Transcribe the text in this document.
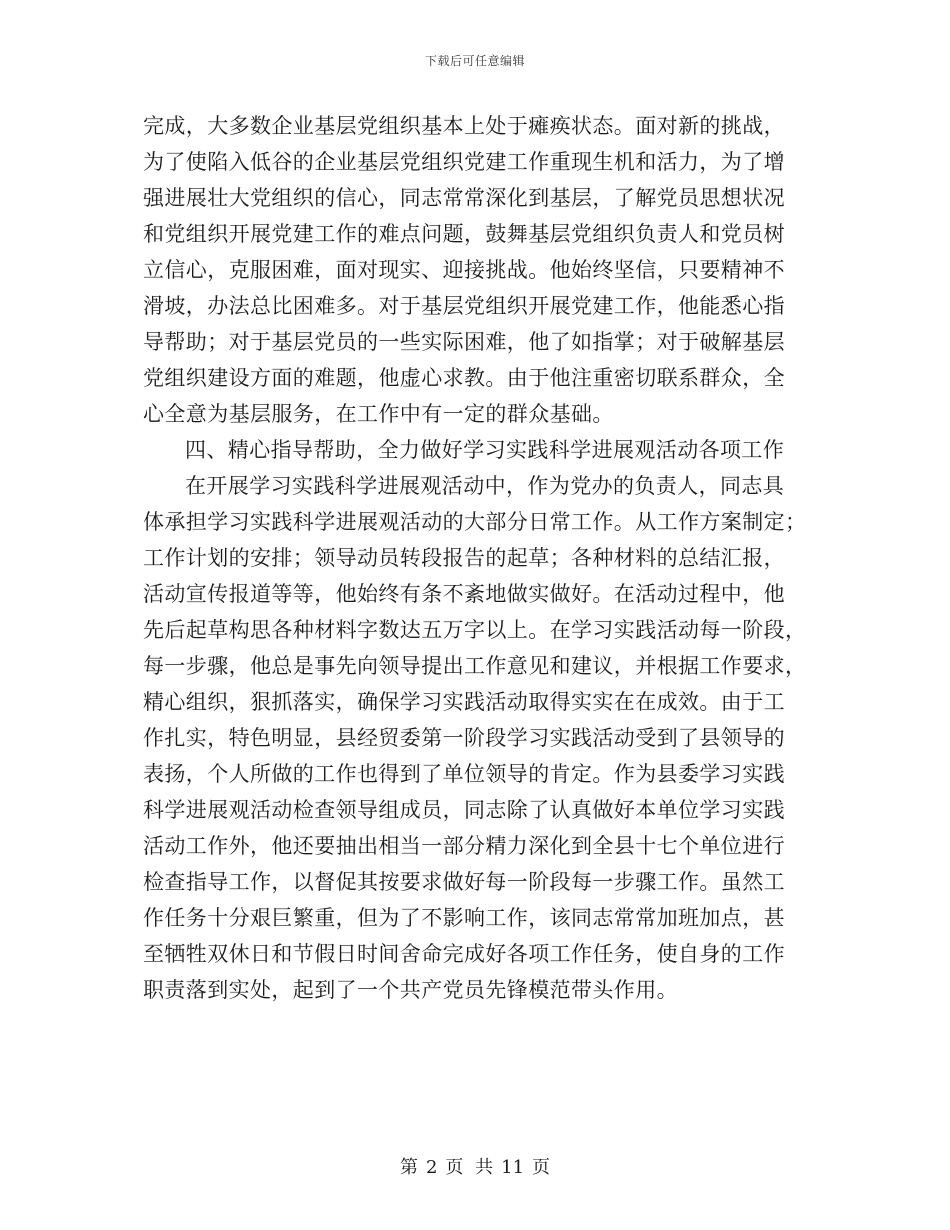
下载后可任意编辑
完成，大多数企业基层党组织基本上处于瘫痪状态。面对新的挑战，
为了使陷入低谷的企业基层党组织党建工作重现生机和活力，为了增
强进展壮大党组织的信心，同志常常深化到基层，了解党员思想状况
和党组织开展党建工作的难点问题，鼓舞基层党组织负责人和党员树
立信心，克服困难，面对现实、迎接挑战。他始终坚信，只要精神不
滑坡，办法总比困难多。对于基层党组织开展党建工作，他能悉心指
导帮助；对于基层党员的一些实际困难，他了如指掌；对于破解基层
党组织建设方面的难题，他虚心求教。由于他注重密切联系群众，全
心全意为基层服务，在工作中有一定的群众基础。
四、精心指导帮助，全力做好学习实践科学进展观活动各项工作
在开展学习实践科学进展观活动中，作为党办的负责人，同志具
体承担学习实践科学进展观活动的大部分日常工作。从工作方案制定；
工作计划的安排；领导动员转段报告的起草；各种材料的总结汇报，
活动宣传报道等等，他始终有条不紊地做实做好。在活动过程中，他
先后起草构思各种材料字数达五万字以上。在学习实践活动每一阶段，
每一步骤，他总是事先向领导提出工作意见和建议，并根据工作要求，
精心组织，狠抓落实，确保学习实践活动取得实实在在成效。由于工
作扎实，特色明显，县经贸委第一阶段学习实践活动受到了县领导的
表扬，个人所做的工作也得到了单位领导的肯定。作为县委学习实践
科学进展观活动检查领导组成员，同志除了认真做好本单位学习实践
活动工作外，他还要抽出相当一部分精力深化到全县十七个单位进行
检查指导工作，以督促其按要求做好每一阶段每一步骤工作。虽然工
作任务十分艰巨繁重，但为了不影响工作，该同志常常加班加点，甚
至牺牲双休日和节假日时间舍命完成好各项工作任务，使自身的工作
职责落到实处，起到了一个共产党员先锋模范带头作用。
第 2 页 共 11 页
